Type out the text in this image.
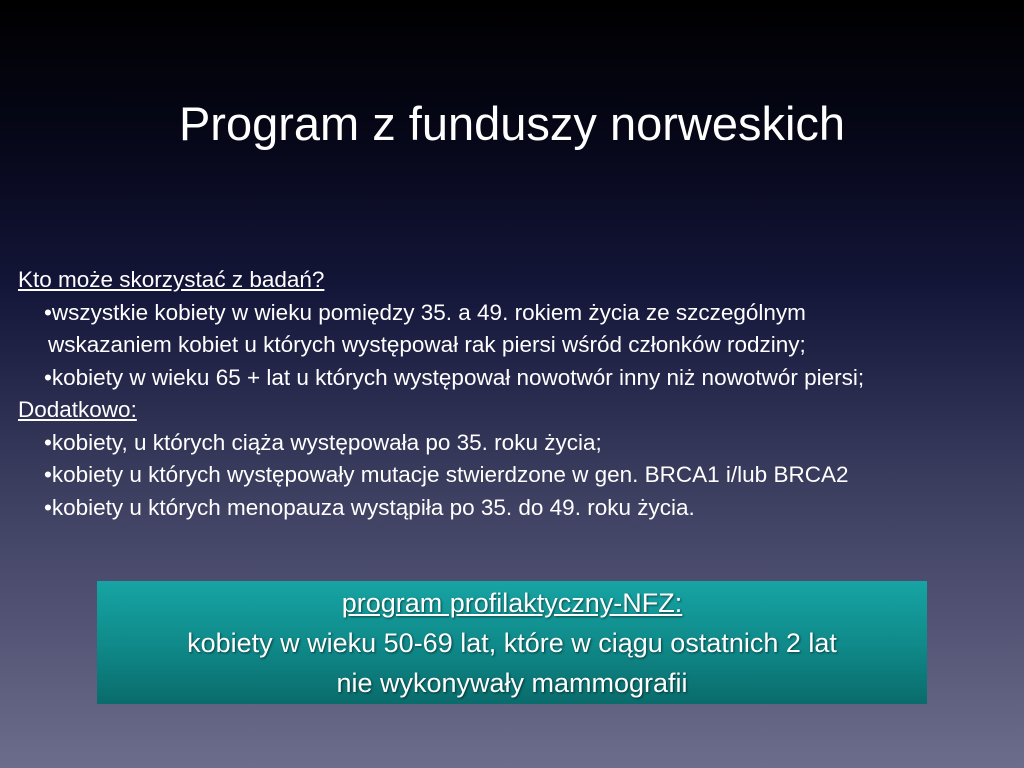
Program z funduszy norweskich
Kto może skorzystać z badań?
•wszystkie kobiety w wieku pomiędzy 35. a 49. rokiem życia ze szczególnym
wskazaniem kobiet u których występował rak piersi wśród członków rodziny;
•kobiety w wieku 65 + lat u których występował nowotwór inny niż nowotwór piersi;
Dodatkowo:
•kobiety, u których ciąża występowała po 35. roku życia;
•kobiety u których występowały mutacje stwierdzone w gen. BRCA1 i/lub BRCA2
•kobiety u których menopauza wystąpiła po 35. do 49. roku życia.
program profilaktyczny-NFZ:
kobiety w wieku 50-69 lat, które w ciągu ostatnich 2 lat
nie wykonywały mammografii
